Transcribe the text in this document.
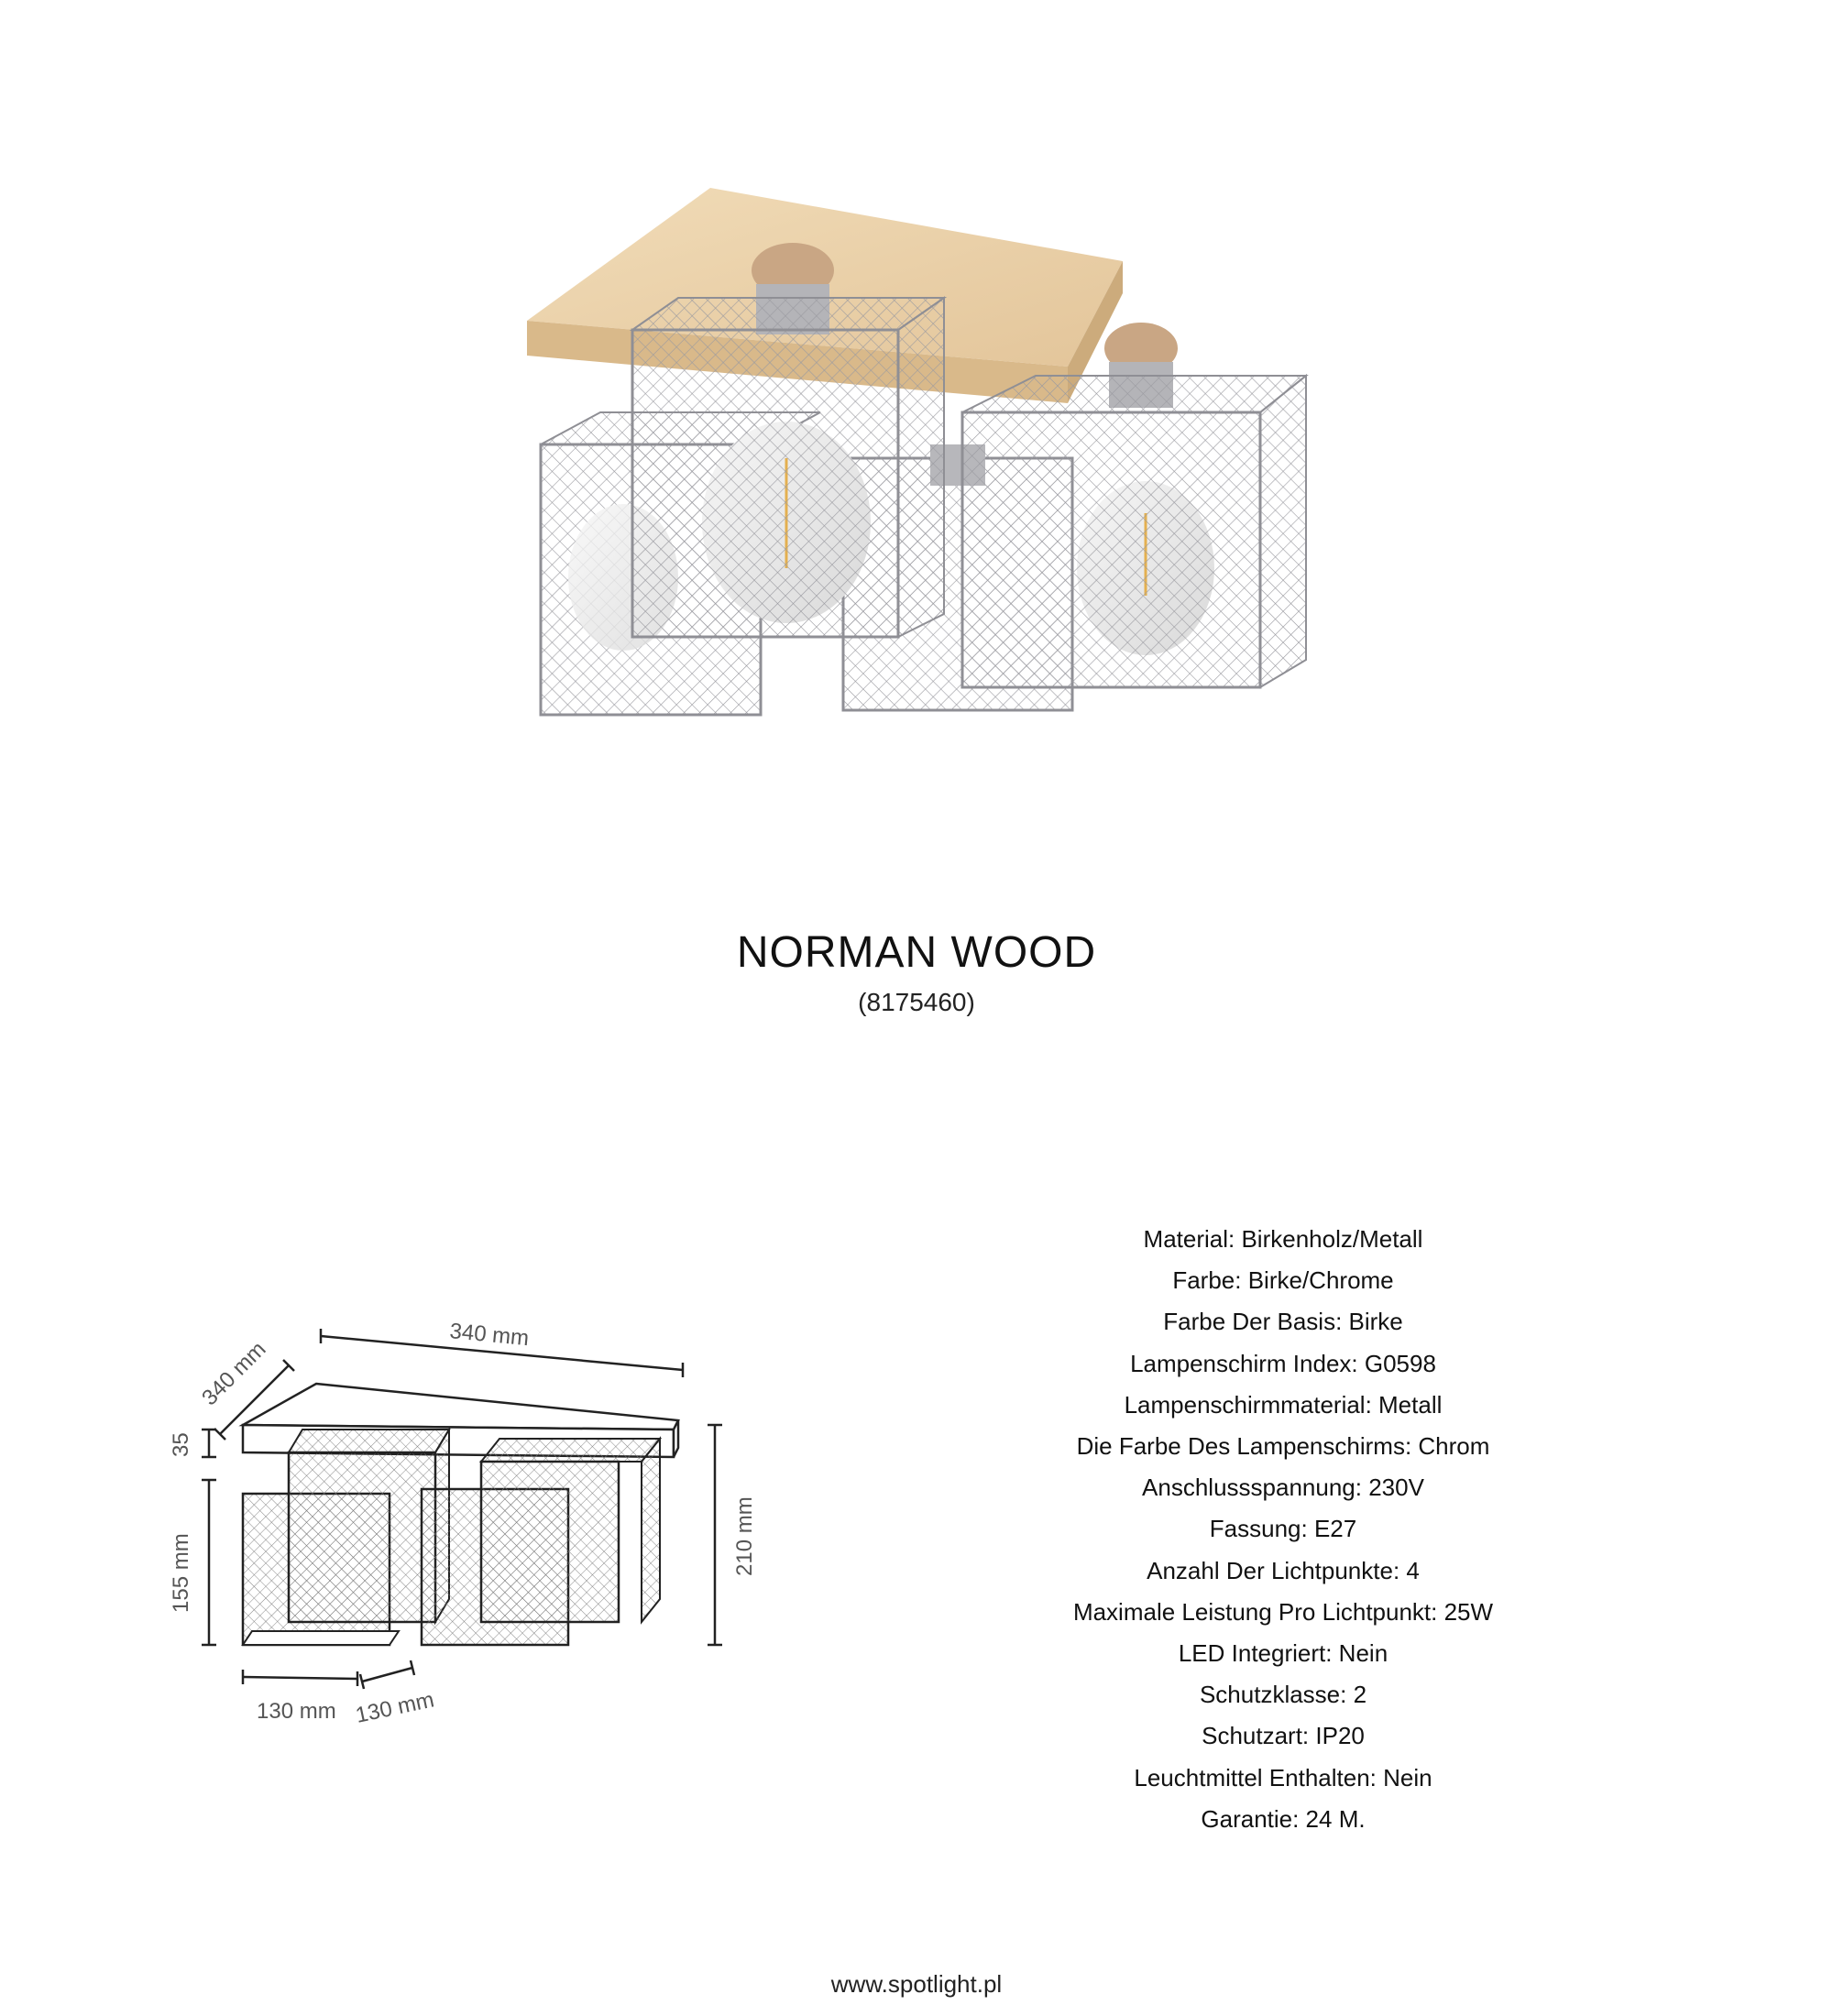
NORMAN WOOD
(8175460)
340 mm
340 mm
35
155 mm	210 mm
130 mm 130 mm
Material: Birkenholz/Metall
Farbe: Birke/Chrome
Farbe Der Basis: Birke
Lampenschirm Index: G0598
Lampenschirmmaterial: Metall
Die Farbe Des Lampenschirms: Chrom
Anschlussspannung: 230V
Fassung: E27
Anzahl Der Lichtpunkte: 4
Maximale Leistung Pro Lichtpunkt: 25W
LED Integriert: Nein
Schutzklasse: 2
Schutzart: IP20
Leuchtmittel Enthalten: Nein
Garantie: 24 M.
www.spotlight.pl
